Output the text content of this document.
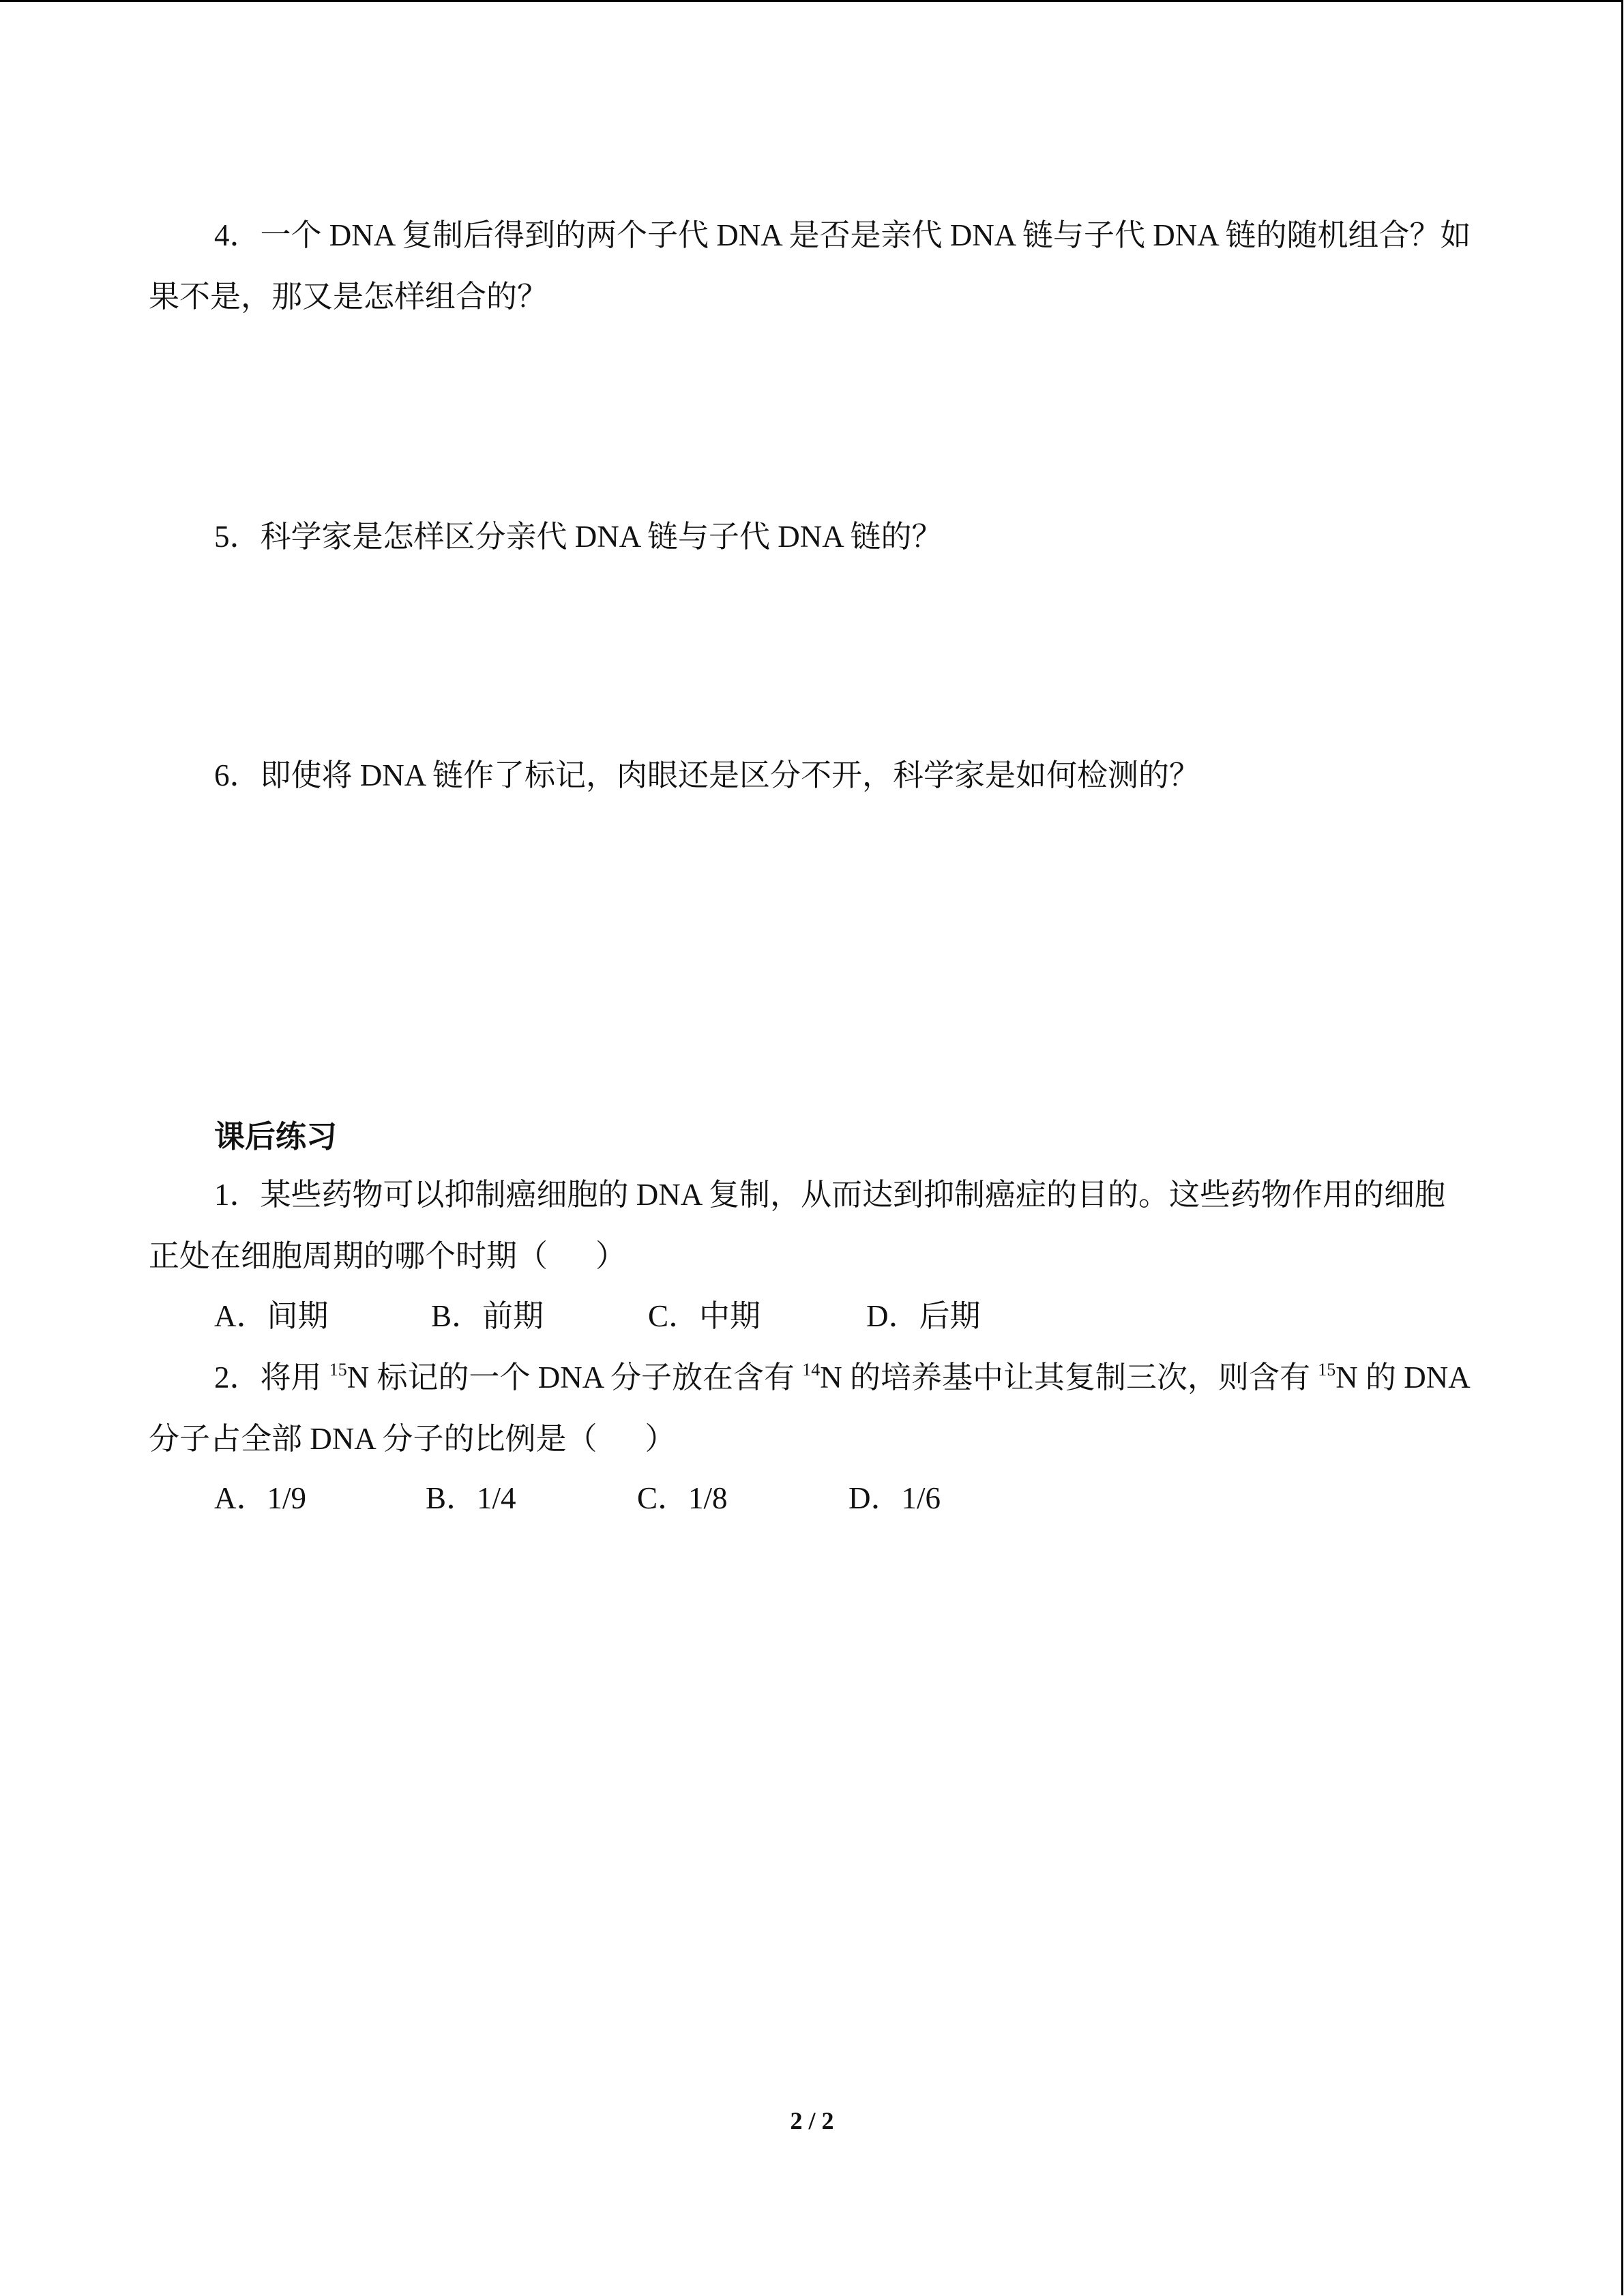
4．一个 DNA 复制后得到的两个子代 DNA 是否是亲代 DNA 链与子代 DNA 链的随机组合？如果不是，那又是怎样组合的？

5．科学家是怎样区分亲代 DNA 链与子代 DNA 链的？

6．即使将 DNA 链作了标记，肉眼还是区分不开，科学家是如何检测的？

课后练习

1．某些药物可以抑制癌细胞的 DNA 复制，从而达到抑制癌症的目的。这些药物作用的细胞正处在细胞周期的哪个时期（ ）

A．间期	B．前期	C．中期	D．后期

2．将用 $^{15}$N 标记的一个 DNA 分子放在含有 $^{14}$N 的培养基中让其复制三次，则含有 $^{15}$N 的 DNA 分子占全部 DNA 分子的比例是（ ）

A．1/9	B．1/4	C．1/8	D．1/6

2 / 2
